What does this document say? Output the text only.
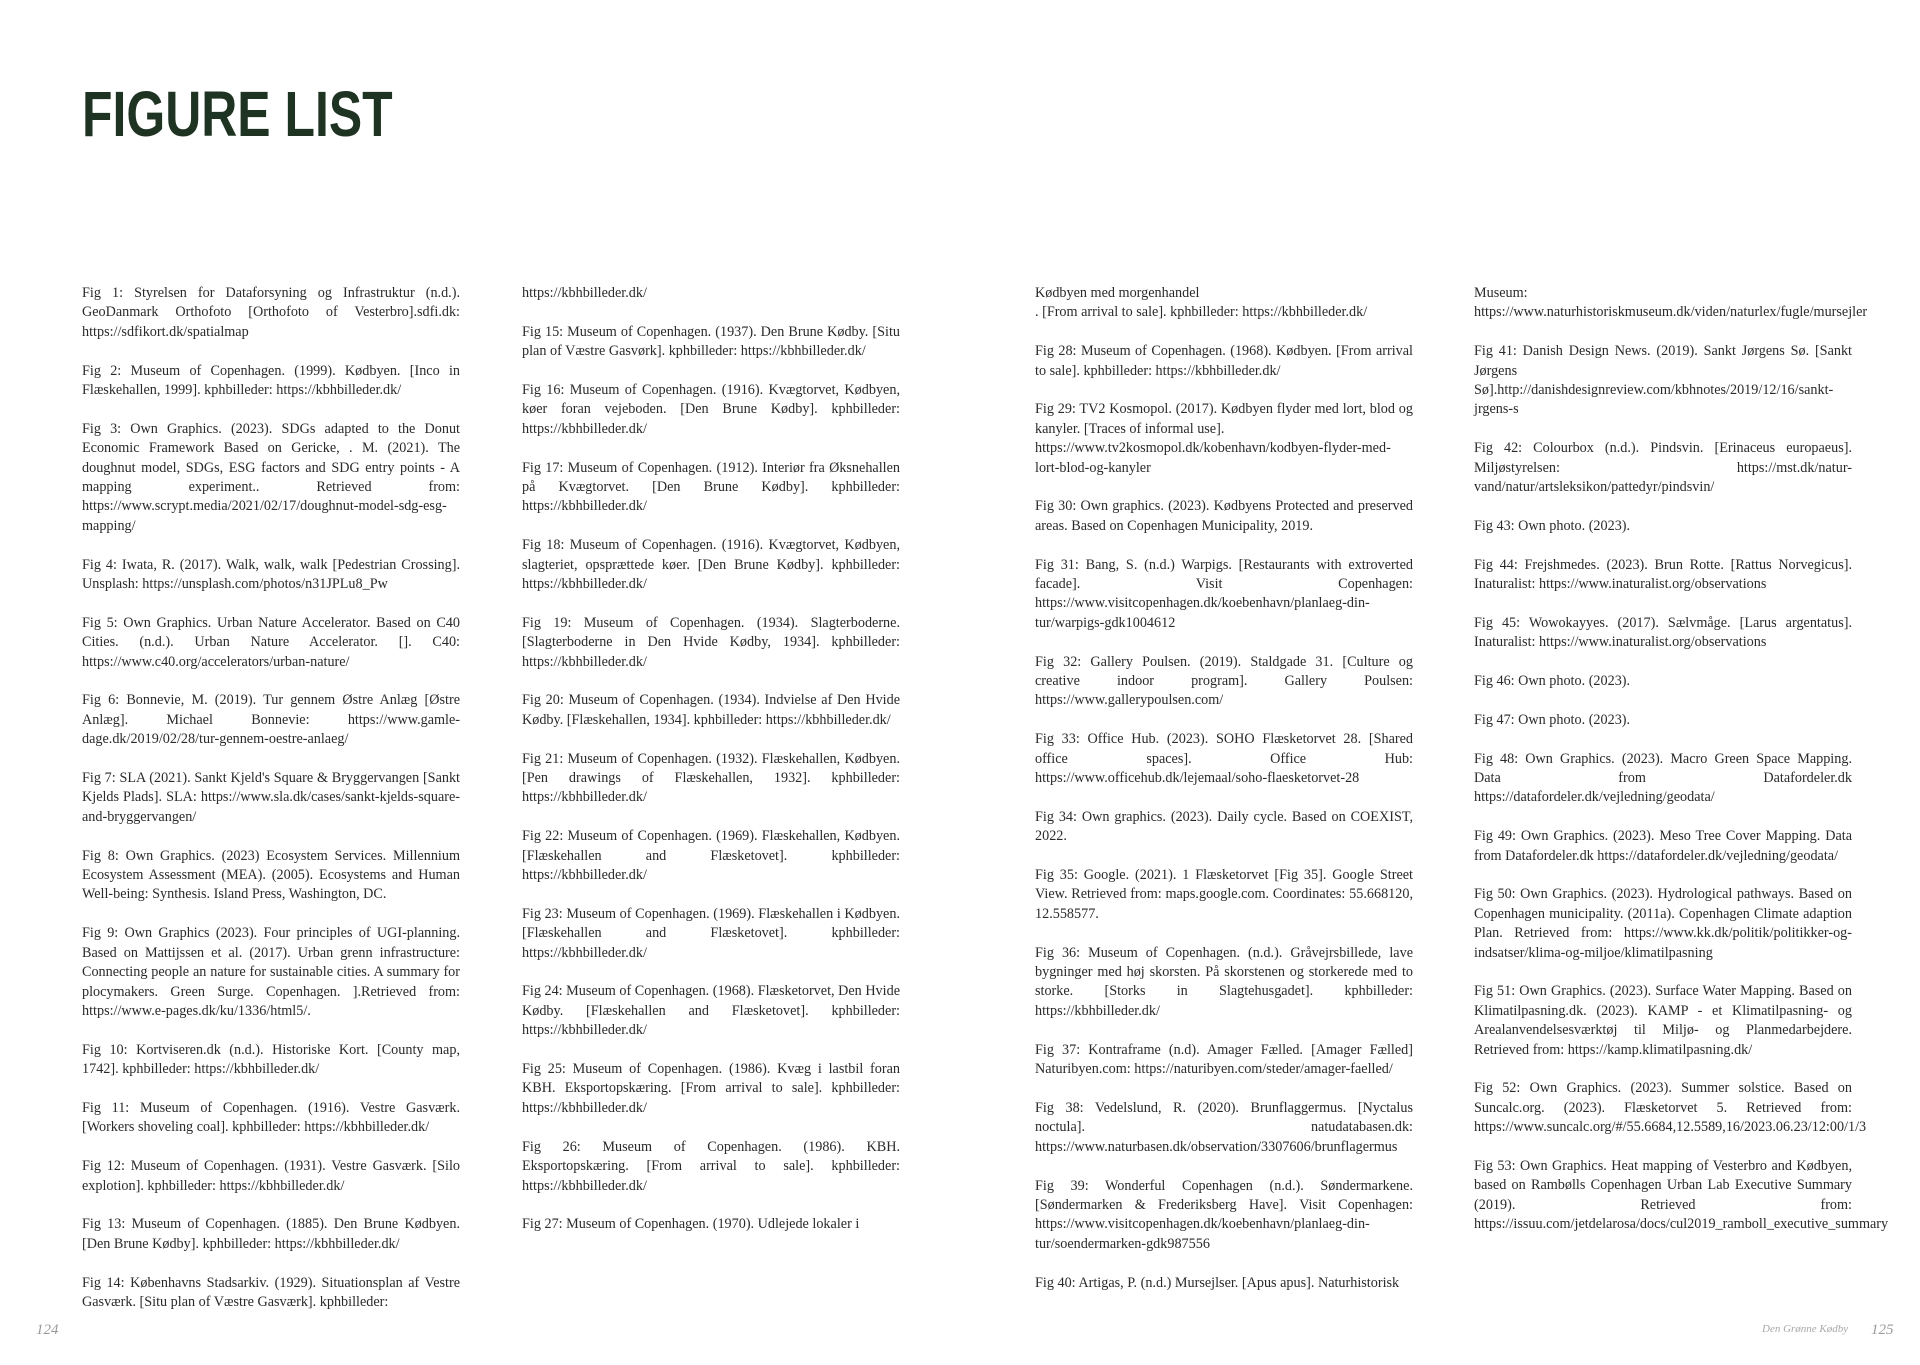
FIGURE LIST

Fig 1: Styrelsen for Dataforsyning og Infrastruktur (n.d.). GeoDanmark Orthofoto [Orthofoto of Vesterbro].sdfi.dk: https://sdfikort.dk/spatialmap

Fig 2: Museum of Copenhagen. (1999). Kødbyen. [Inco in Flæskehallen, 1999]. kphbilleder: https://kbhbilleder.dk/

Fig 3: Own Graphics. (2023). SDGs adapted to the Donut Economic Framework Based on Gericke, . M. (2021). The doughnut model, SDGs, ESG factors and SDG entry points - A mapping experiment.. Retrieved from: https://www.scrypt.media/2021/02/17/doughnut-model-sdg-esg-mapping/

Fig 4: Iwata, R. (2017). Walk, walk, walk [Pedestrian Crossing]. Unsplash: https://unsplash.com/photos/n31JPLu8_Pw

Fig 5: Own Graphics. Urban Nature Accelerator. Based on C40 Cities. (n.d.). Urban Nature Accelerator. []. C40: https://www.c40.org/accelerators/urban-nature/

Fig 6: Bonnevie, M. (2019). Tur gennem Østre Anlæg [Østre Anlæg]. Michael Bonnevie: https://www.gamle-dage.dk/2019/02/28/tur-gennem-oestre-anlaeg/

Fig 7: SLA (2021). Sankt Kjeld's Square & Bryggervangen [Sankt Kjelds Plads]. SLA: https://www.sla.dk/cases/sankt-kjelds-square-and-bryggervangen/

Fig 8: Own Graphics. (2023) Ecosystem Services. Millennium Ecosystem Assessment (MEA). (2005). Ecosystems and Human Well-being: Synthesis. Island Press, Washington, DC.

Fig 9: Own Graphics (2023). Four principles of UGI-planning. Based on Mattijssen et al. (2017). Urban grenn infrastructure: Connecting people an nature for sustainable cities. A summary for plocymakers. Green Surge. Copenhagen. ].Retrieved from: https://www.e-pages.dk/ku/1336/html5/.

Fig 10: Kortviseren.dk (n.d.). Historiske Kort. [County map, 1742]. kphbilleder: https://kbhbilleder.dk/

Fig 11: Museum of Copenhagen. (1916). Vestre Gasværk. [Workers shoveling coal]. kphbilleder: https://kbhbilleder.dk/

Fig 12: Museum of Copenhagen. (1931). Vestre Gasværk. [Silo explotion]. kphbilleder: https://kbhbilleder.dk/

Fig 13: Museum of Copenhagen. (1885). Den Brune Kødbyen. [Den Brune Kødby]. kphbilleder: https://kbhbilleder.dk/

Fig 14: Københavns Stadsarkiv. (1929). Situationsplan af Vestre Gasværk. [Situ plan of Væstre Gasværk]. kphbilleder:

https://kbhbilleder.dk/

Fig 15: Museum of Copenhagen. (1937). Den Brune Kødby. [Situ plan of Væstre Gasvørk]. kphbilleder: https://kbhbilleder.dk/

Fig 16: Museum of Copenhagen. (1916). Kvægtorvet, Kødbyen, køer foran vejeboden. [Den Brune Kødby]. kphbilleder: https://kbhbilleder.dk/

Fig 17: Museum of Copenhagen. (1912). Interiør fra Øksnehallen på Kvægtorvet. [Den Brune Kødby]. kphbilleder: https://kbhbilleder.dk/

Fig 18: Museum of Copenhagen. (1916). Kvægtorvet, Kødbyen, slagteriet, opsprættede køer. [Den Brune Kødby]. kphbilleder: https://kbhbilleder.dk/

Fig 19: Museum of Copenhagen. (1934). Slagterboderne. [Slagterboderne in Den Hvide Kødby, 1934]. kphbilleder: https://kbhbilleder.dk/

Fig 20: Museum of Copenhagen. (1934). Indvielse af Den Hvide Kødby. [Flæskehallen, 1934]. kphbilleder: https://kbhbilleder.dk/

Fig 21: Museum of Copenhagen. (1932). Flæskehallen, Kødbyen. [Pen drawings of Flæskehallen, 1932]. kphbilleder: https://kbhbilleder.dk/

Fig 22: Museum of Copenhagen. (1969). Flæskehallen, Kødbyen. [Flæskehallen and Flæsketovet]. kphbilleder: https://kbhbilleder.dk/

Fig 23: Museum of Copenhagen. (1969). Flæskehallen i Kødbyen. [Flæskehallen and Flæsketovet]. kphbilleder: https://kbhbilleder.dk/

Fig 24: Museum of Copenhagen. (1968). Flæsketorvet, Den Hvide Kødby. [Flæskehallen and Flæsketovet]. kphbilleder: https://kbhbilleder.dk/

Fig 25: Museum of Copenhagen. (1986). Kvæg i lastbil foran KBH. Eksportopskæring. [From arrival to sale]. kphbilleder: https://kbhbilleder.dk/

Fig 26: Museum of Copenhagen. (1986). KBH. Eksportopskæring. [From arrival to sale]. kphbilleder: https://kbhbilleder.dk/

Fig 27: Museum of Copenhagen. (1970). Udlejede lokaler i

Kødbyen med morgenhandel
. [From arrival to sale]. kphbilleder: https://kbhbilleder.dk/

Fig 28: Museum of Copenhagen. (1968). Kødbyen. [From arrival to sale]. kphbilleder: https://kbhbilleder.dk/

Fig 29: TV2 Kosmopol. (2017). Kødbyen flyder med lort, blod og kanyler. [Traces of informal use].
https://www.tv2kosmopol.dk/kobenhavn/kodbyen-flyder-med-lort-blod-og-kanyler

Fig 30: Own graphics. (2023). Kødbyens Protected and preserved areas. Based on Copenhagen Municipality, 2019.

Fig 31: Bang, S. (n.d.) Warpigs. [Restaurants with extroverted facade]. Visit Copenhagen: https://www.visitcopenhagen.dk/koebenhavn/planlaeg-din-tur/warpigs-gdk1004612

Fig 32: Gallery Poulsen. (2019). Staldgade 31. [Culture og creative indoor program]. Gallery Poulsen: https://www.gallerypoulsen.com/

Fig 33: Office Hub. (2023). SOHO Flæsketorvet 28. [Shared office spaces]. Office Hub: https://www.officehub.dk/lejemaal/soho-flaesketorvet-28

Fig 34: Own graphics. (2023). Daily cycle. Based on COEXIST, 2022.

Fig 35: Google. (2021). 1 Flæsketorvet [Fig 35]. Google Street View. Retrieved from: maps.google.com. Coordinates: 55.668120, 12.558577.

Fig 36: Museum of Copenhagen. (n.d.). Gråvejrsbillede, lave bygninger med høj skorsten. På skorstenen og storkerede med to storke. [Storks in Slagtehusgadet]. kphbilleder: https://kbhbilleder.dk/

Fig 37: Kontraframe (n.d). Amager Fælled. [Amager Fælled] Naturibyen.com: https://naturibyen.com/steder/amager-faelled/

Fig 38: Vedelslund, R. (2020). Brunflaggermus. [Nyctalus noctula]. natudatabasen.dk: https://www.naturbasen.dk/observation/3307606/brunflagermus

Fig 39: Wonderful Copenhagen (n.d.). Søndermarkene. [Søndermarken & Frederiksberg Have]. Visit Copenhagen: https://www.visitcopenhagen.dk/koebenhavn/planlaeg-din-tur/soendermarken-gdk987556

Fig 40: Artigas, P. (n.d.) Mursejlser. [Apus apus]. Naturhistorisk

Museum: https://www.naturhistoriskmuseum.dk/viden/naturlex/fugle/mursejler

Fig 41: Danish Design News. (2019). Sankt Jørgens Sø. [Sankt Jørgens Sø].http://danishdesignreview.com/kbhnotes/2019/12/16/sankt-jrgens-s

Fig 42: Colourbox (n.d.). Pindsvin. [Erinaceus europaeus]. Miljøstyrelsen: https://mst.dk/natur-vand/natur/artsleksikon/pattedyr/pindsvin/

Fig 43: Own photo. (2023).

Fig 44: Frejshmedes. (2023). Brun Rotte. [Rattus Norvegicus]. Inaturalist: https://www.inaturalist.org/observations

Fig 45: Wowokayyes. (2017). Sælvmåge. [Larus argentatus]. Inaturalist: https://www.inaturalist.org/observations

Fig 46: Own photo. (2023).

Fig 47: Own photo. (2023).

Fig 48: Own Graphics. (2023). Macro Green Space Mapping. Data from Datafordeler.dk https://datafordeler.dk/vejledning/geodata/

Fig 49: Own Graphics. (2023). Meso Tree Cover Mapping. Data from Datafordeler.dk https://datafordeler.dk/vejledning/geodata/

Fig 50: Own Graphics. (2023). Hydrological pathways. Based on Copenhagen municipality. (2011a). Copenhagen Climate adaption Plan. Retrieved from: https://www.kk.dk/politik/politikker-og-indsatser/klima-og-miljoe/klimatilpasning

Fig 51: Own Graphics. (2023). Surface Water Mapping. Based on Klimatilpasning.dk. (2023). KAMP - et Klimatilpasning- og Arealanvendelsesværktøj til Miljø- og Planmedarbejdere. Retrieved from: https://kamp.klimatilpasning.dk/

Fig 52: Own Graphics. (2023). Summer solstice. Based on Suncalc.org. (2023). Flæsketorvet 5. Retrieved from: https://www.suncalc.org/#/55.6684,12.5589,16/2023.06.23/12:00/1/3

Fig 53: Own Graphics. Heat mapping of Vesterbro and Kødbyen, based on Rambølls Copenhagen Urban Lab Executive Summary (2019). Retrieved from: https://issuu.com/jetdelarosa/docs/cul2019_ramboll_executive_summary

124	Den Grønne Kødby 125
